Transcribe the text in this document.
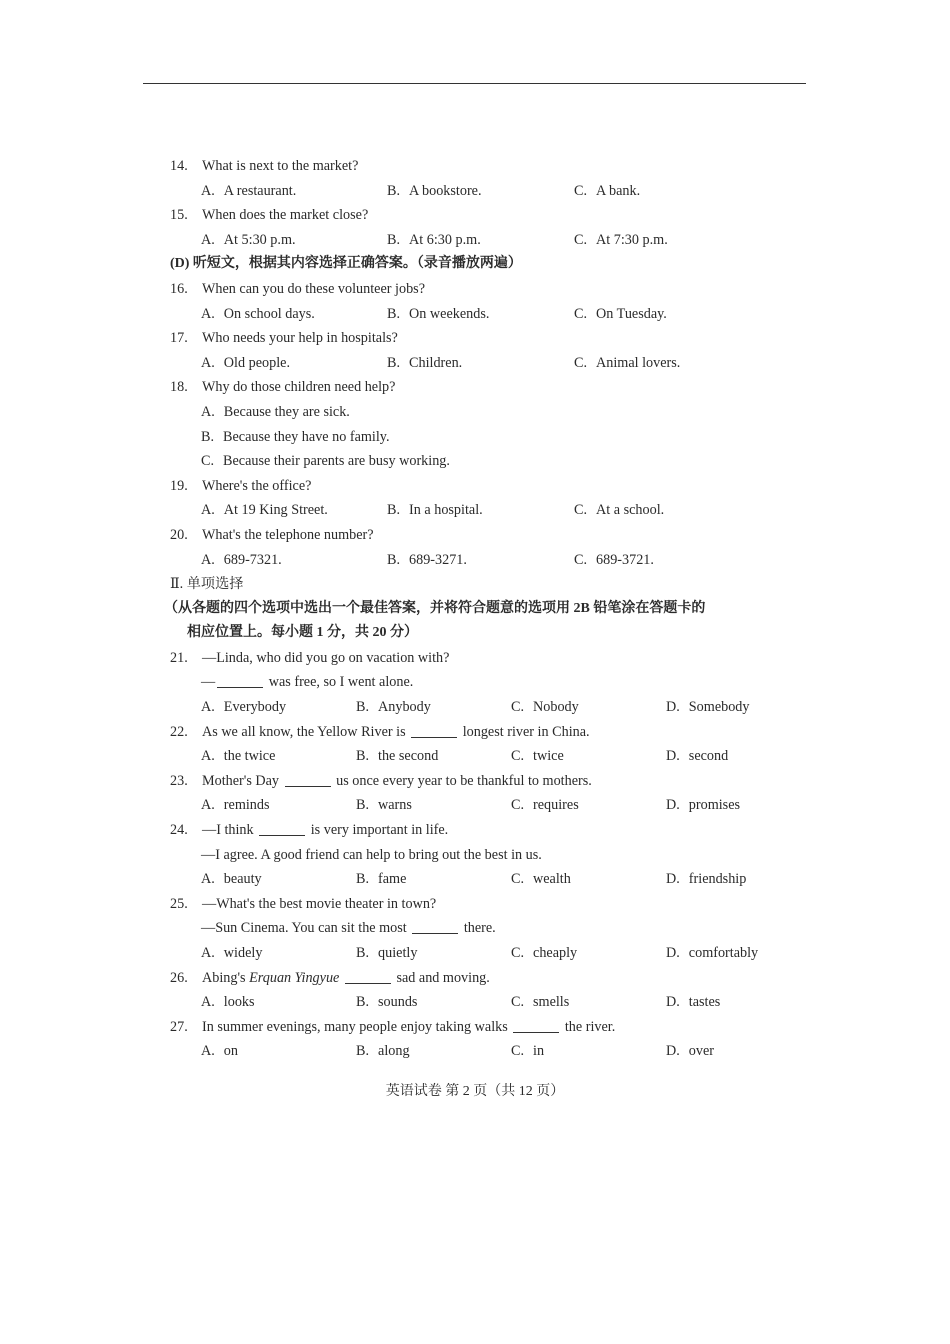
14. What is next to the market?
A. A restaurant.	B. A bookstore.	C. A bank.
15. When does the market close?
A. At 5:30 p.m.	B. At 6:30 p.m.	C. At 7:30 p.m.
(D) 听短文，根据其内容选择正确答案。（录音播放两遍）
16. When can you do these volunteer jobs?
A. On school days.	B. On weekends.	C. On Tuesday.
17. Who needs your help in hospitals?
A. Old people.	B. Children.	C. Animal lovers.
18. Why do those children need help?
A. Because they are sick.
B. Because they have no family.
C. Because their parents are busy working.
19. Where's the office?
A. At 19 King Street.	B. In a hospital.	C. At a school.
20. What's the telephone number?
A. 689-7321.	B. 689-3271.	C. 689-3721.
Ⅱ. 单项选择
（从各题的四个选项中选出一个最佳答案，并将符合题意的选项用 2B 铅笔涂在答题卡的
相应位置上。每小题 1 分，共 20 分）
21. —Linda, who did you go on vacation with?
—	was free, so I went alone.
A. Everybody	B. Anybody	C. Nobody	D. Somebody
22. As we all know, the Yellow River is	longest river in China.
A. the twice	B. the second	C. twice	D. second
23. Mother's Day	us once every year to be thankful to mothers.
A. reminds	B. warns	C. requires	D. promises
24. —I think	is very important in life.
—I agree. A good friend can help to bring out the best in us.
A. beauty	B. fame	C. wealth	D. friendship
25. —What's the best movie theater in town?
—Sun Cinema. You can sit the most	there.
A. widely	B. quietly	C. cheaply	D. comfortably
26. Abing's Erquan Yingyue	sad and moving.
A. looks	B. sounds	C. smells	D. tastes
27. In summer evenings, many people enjoy taking walks	the river.
A. on	B. along	C. in	D. over
英语试卷 第 2 页（共 12 页）
